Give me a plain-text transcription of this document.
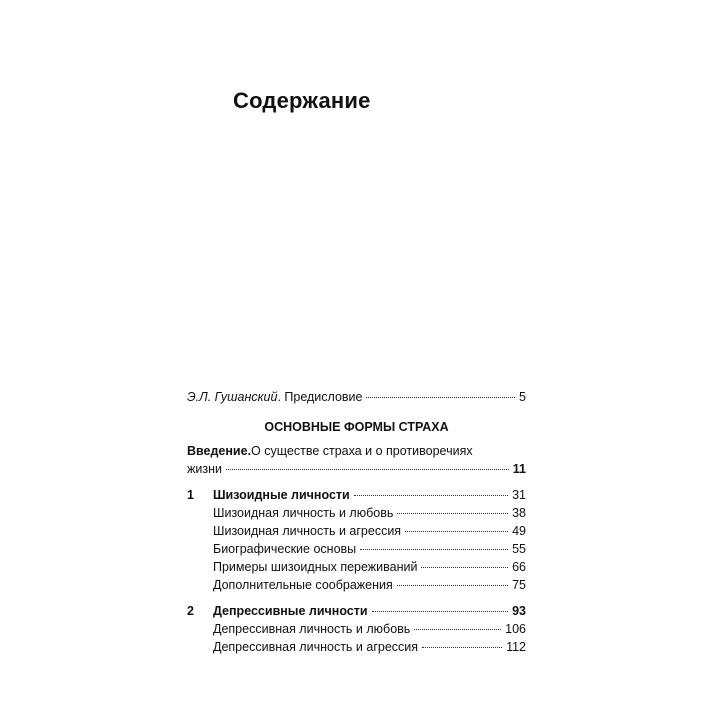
Содержание
Э.Л. Гушанский . Предисловие	5
ОСНОВНЫЕ ФОРМЫ СТРАХА
Введение. О существе страха и о противоречиях
жизни	11
1	Шизоидные личности	31
Шизоидная личность и любовь	38
Шизоидная личность и агрессия	49
Биографические основы	55
Примеры шизоидных переживаний	66
Дополнительные соображения	75
2	Депрессивные личности	93
Депрессивная личность и любовь	106
Депрессивная личность и агрессия	112
